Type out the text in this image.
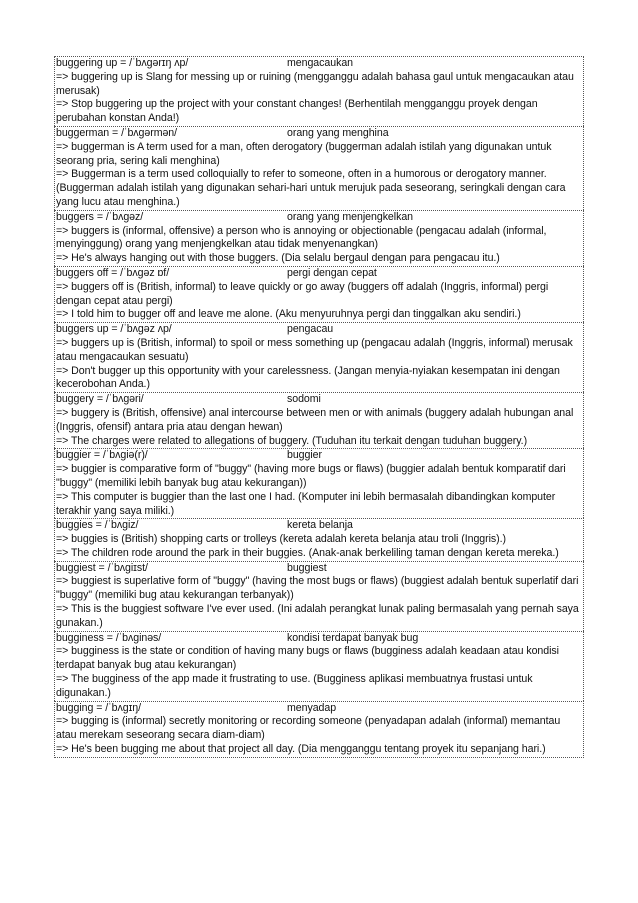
buggering up = /ˈbʌɡərɪŋ ʌp/	mengacaukan
=> buggering up is Slang for messing up or ruining (mengganggu adalah bahasa gaul untuk mengacaukan atau merusak)
=> Stop buggering up the project with your constant changes! (Berhentilah mengganggu proyek dengan perubahan konstan Anda!)
buggerman = /ˈbʌɡərmən/	orang yang menghina
=> buggerman is A term used for a man, often derogatory (buggerman adalah istilah yang digunakan untuk seorang pria, sering kali menghina)
=> Buggerman is a term used colloquially to refer to someone, often in a humorous or derogatory manner. (Buggerman adalah istilah yang digunakan sehari-hari untuk merujuk pada seseorang, seringkali dengan cara yang lucu atau menghina.)
buggers = /ˈbʌɡəz/	orang yang menjengkelkan
=> buggers is (informal, offensive) a person who is annoying or objectionable (pengacau adalah (informal, menyinggung) orang yang menjengkelkan atau tidak menyenangkan)
=> He's always hanging out with those buggers. (Dia selalu bergaul dengan para pengacau itu.)
buggers off = /ˈbʌɡəz ɒf/	pergi dengan cepat
=> buggers off is (British, informal) to leave quickly or go away (buggers off adalah (Inggris, informal) pergi dengan cepat atau pergi)
=> I told him to bugger off and leave me alone. (Aku menyuruhnya pergi dan tinggalkan aku sendiri.)
buggers up = /ˈbʌɡəz ʌp/	pengacau
=> buggers up is (British, informal) to spoil or mess something up (pengacau adalah (Inggris, informal) merusak atau mengacaukan sesuatu)
=> Don't bugger up this opportunity with your carelessness. (Jangan menyia-nyiakan kesempatan ini dengan kecerobohan Anda.)
buggery = /ˈbʌɡəri/	sodomi
=> buggery is (British, offensive) anal intercourse between men or with animals (buggery adalah hubungan anal (Inggris, ofensif) antara pria atau dengan hewan)
=> The charges were related to allegations of buggery. (Tuduhan itu terkait dengan tuduhan buggery.)
buggier = /ˈbʌɡiə(r)/	buggier
=> buggier is comparative form of "buggy" (having more bugs or flaws) (buggier adalah bentuk komparatif dari "buggy" (memiliki lebih banyak bug atau kekurangan))
=> This computer is buggier than the last one I had. (Komputer ini lebih bermasalah dibandingkan komputer terakhir yang saya miliki.)
buggies = /ˈbʌɡiz/	kereta belanja
=> buggies is (British) shopping carts or trolleys (kereta adalah kereta belanja atau troli (Inggris).)
=> The children rode around the park in their buggies. (Anak-anak berkeliling taman dengan kereta mereka.)
buggiest = /ˈbʌɡiɪst/	buggiest
=> buggiest is superlative form of "buggy" (having the most bugs or flaws) (buggiest adalah bentuk superlatif dari "buggy" (memiliki bug atau kekurangan terbanyak))
=> This is the buggiest software I've ever used. (Ini adalah perangkat lunak paling bermasalah yang pernah saya gunakan.)
bugginess = /ˈbʌɡinəs/	kondisi terdapat banyak bug
=> bugginess is the state or condition of having many bugs or flaws (bugginess adalah keadaan atau kondisi terdapat banyak bug atau kekurangan)
=> The bugginess of the app made it frustrating to use. (Bugginess aplikasi membuatnya frustasi untuk digunakan.)
bugging = /ˈbʌɡɪŋ/	menyadap
=> bugging is (informal) secretly monitoring or recording someone (penyadapan adalah (informal) memantau atau merekam seseorang secara diam-diam)
=> He's been bugging me about that project all day. (Dia mengganggu tentang proyek itu sepanjang hari.)
